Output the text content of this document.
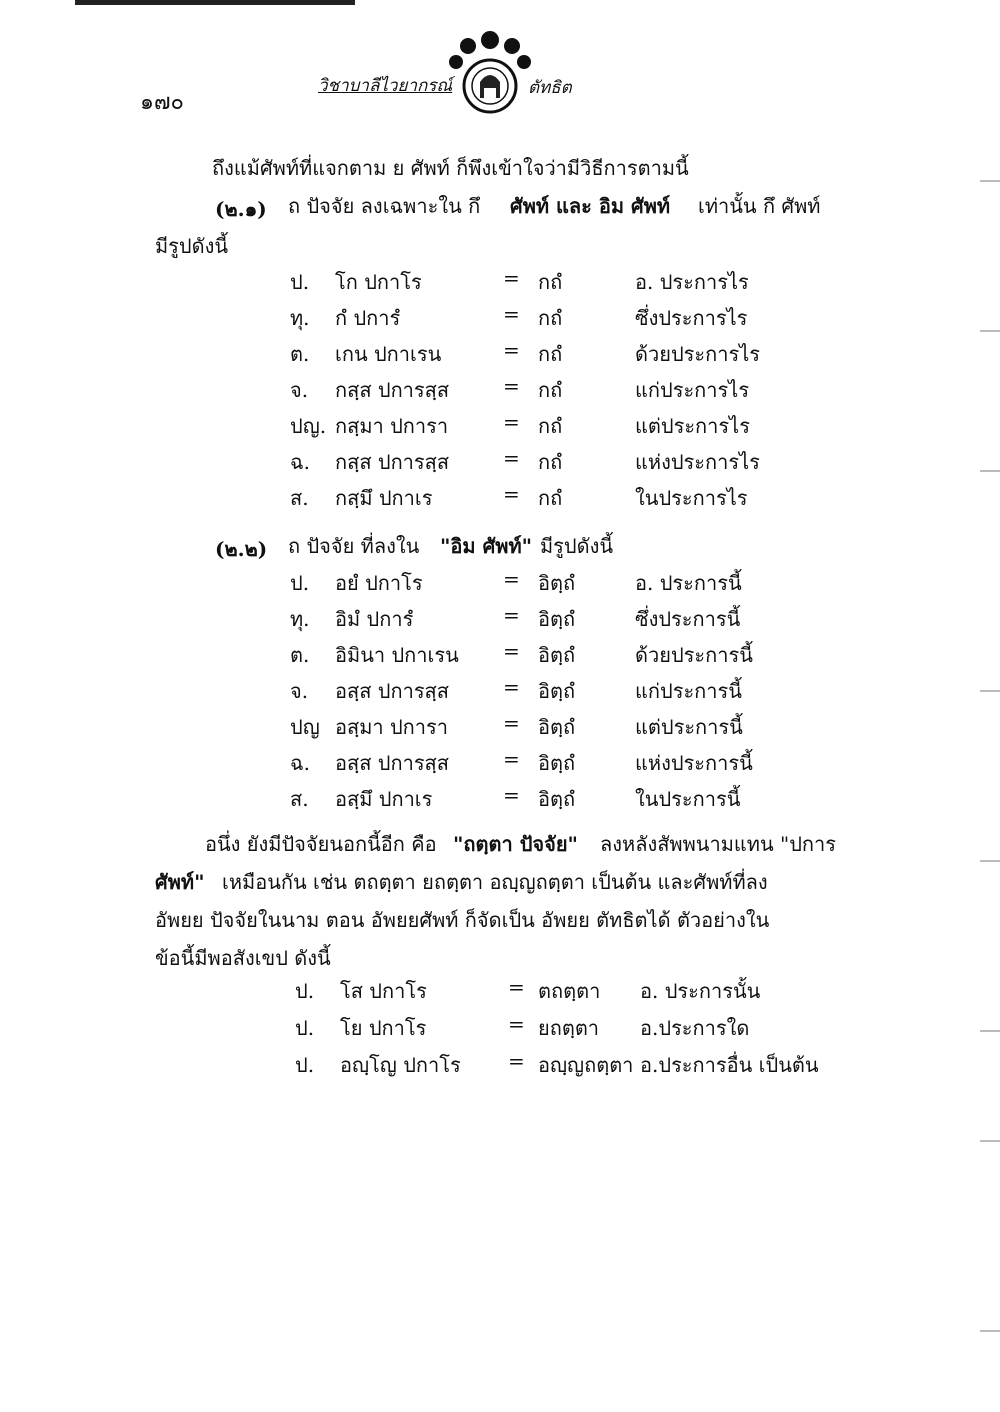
๑๗๐
วิชาบาลีไวยากรณ์	ตัทธิต
ถึงแม้ศัพท์ที่แจกตาม ย ศัพท์ ก็พึงเข้าใจว่ามีวิธีการตามนี้
(๒.๑) ถ ปัจจัย ลงเฉพาะใน กึ ศัพท์ และ อิม ศัพท์ เท่านั้น กึ ศัพท์
มีรูปดังนี้
ป. โก ปกาโร	= กถํ	อ. ประการไร
ทุ. กํ ปการํ	= กถํ	ซึ่งประการไร
ต. เกน ปกาเรน	= กถํ	ด้วยประการไร
จ. กสฺส ปการสฺส	= กถํ	แก่ประการไร
ปญ. กสฺมา ปการา	= กถํ	แต่ประการไร
ฉ. กสฺส ปการสฺส	= กถํ	แห่งประการไร
ส. กสฺมึ ปกาเร	= กถํ	ในประการไร
(๒.๒) ถ ปัจจัย ที่ลงใน "อิม ศัพท์" มีรูปดังนี้
ป. อยํ ปกาโร	= อิตฺถํ	อ. ประการนี้
ทุ. อิมํ ปการํ	= อิตฺถํ	ซึ่งประการนี้
ต. อิมินา ปกาเรน = อิตฺถํ	ด้วยประการนี้
จ. อสฺส ปการสฺส	= อิตฺถํ	แก่ประการนี้
ปญ อสฺมา ปการา	= อิตฺถํ	แต่ประการนี้
ฉ. อสฺส ปการสฺส	= อิตฺถํ	แห่งประการนี้
ส. อสฺมึ ปกาเร	= อิตฺถํ	ในประการนี้
อนึ่ง ยังมีปัจจัยนอกนี้อีก คือ "ถตฺตา ปัจจัย" ลงหลังสัพพนามแทน "ปการ
ศัพท์" เหมือนกัน เช่น ตถตฺตา ยถตฺตา อญฺญถตฺตา เป็นต้น และศัพท์ที่ลง
อัพยย ปัจจัยในนาม ตอน อัพยยศัพท์ ก็จัดเป็น อัพยย ตัทธิตได้ ตัวอย่างใน
ข้อนี้มีพอสังเขป ดังนี้
ป. โส ปกาโร	= ตถตฺตา อ. ประการนั้น
ป. โย ปกาโร	= ยถตฺตา อ.ประการใด
ป. อญฺโญ ปกาโร = อญฺญถตฺตา อ.ประการอื่น เป็นต้น
